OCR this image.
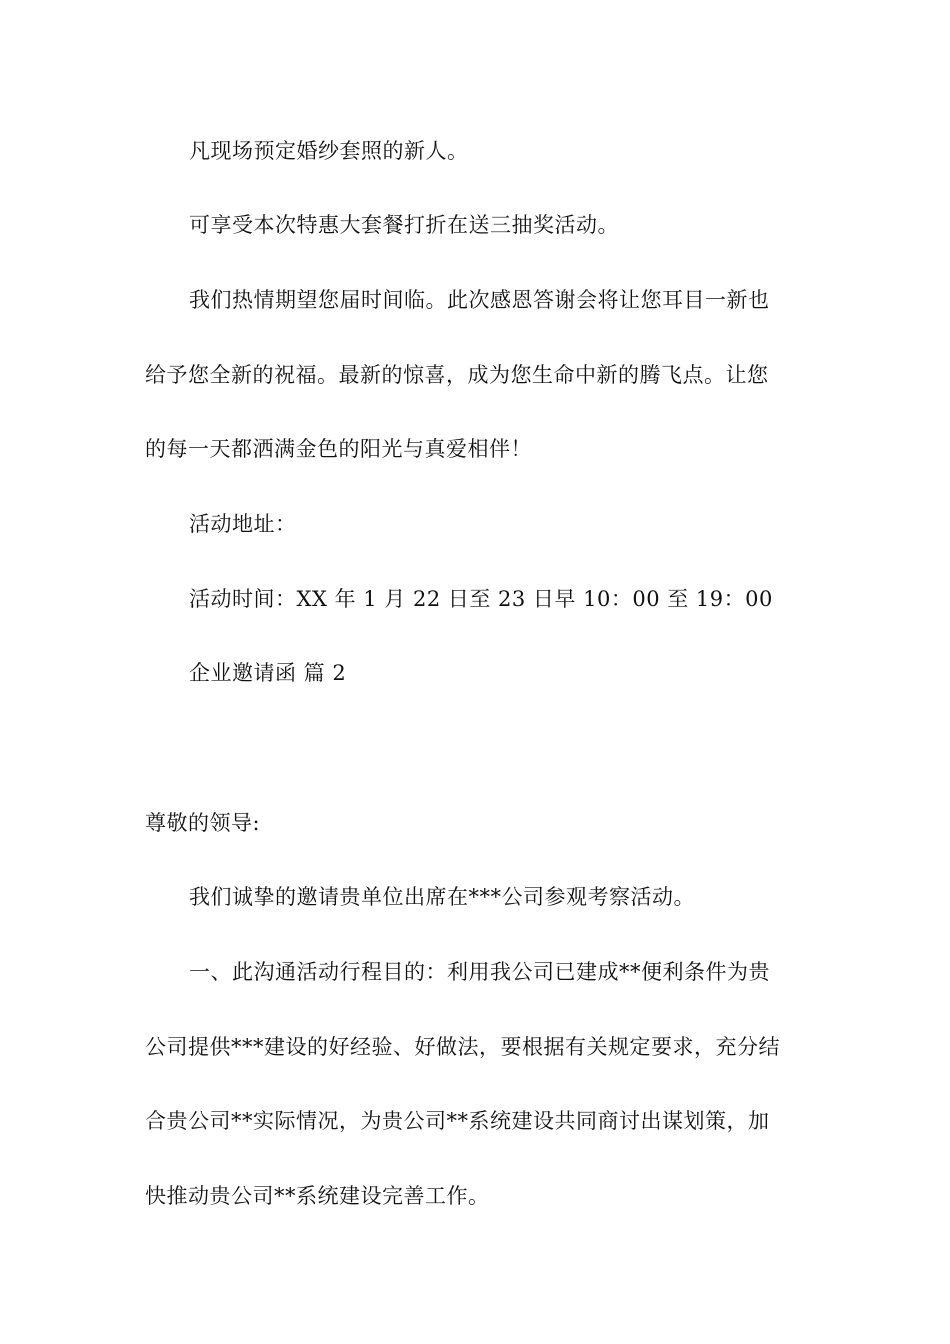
凡现场预定婚纱套照的新人。
可享受本次特惠大套餐打折在送三抽奖活动。
我们热情期望您届时间临。此次感恩答谢会将让您耳目一新也
给予您全新的祝福。最新的惊喜，成为您生命中新的腾飞点。让您
的每一天都洒满金色的阳光与真爱相伴！
活动地址：
活动时间：XX 年 1 月 22 日至 23 日早 10：00 至 19：00
企业邀请函 篇 2
尊敬的领导:
我们诚挚的邀请贵单位出席在***公司参观考察活动。
一、此沟通活动行程目的：利用我公司已建成**便利条件为贵
公司提供***建设的好经验、好做法，要根据有关规定要求，充分结
合贵公司**实际情况，为贵公司**系统建设共同商讨出谋划策，加
快推动贵公司**系统建设完善工作。
